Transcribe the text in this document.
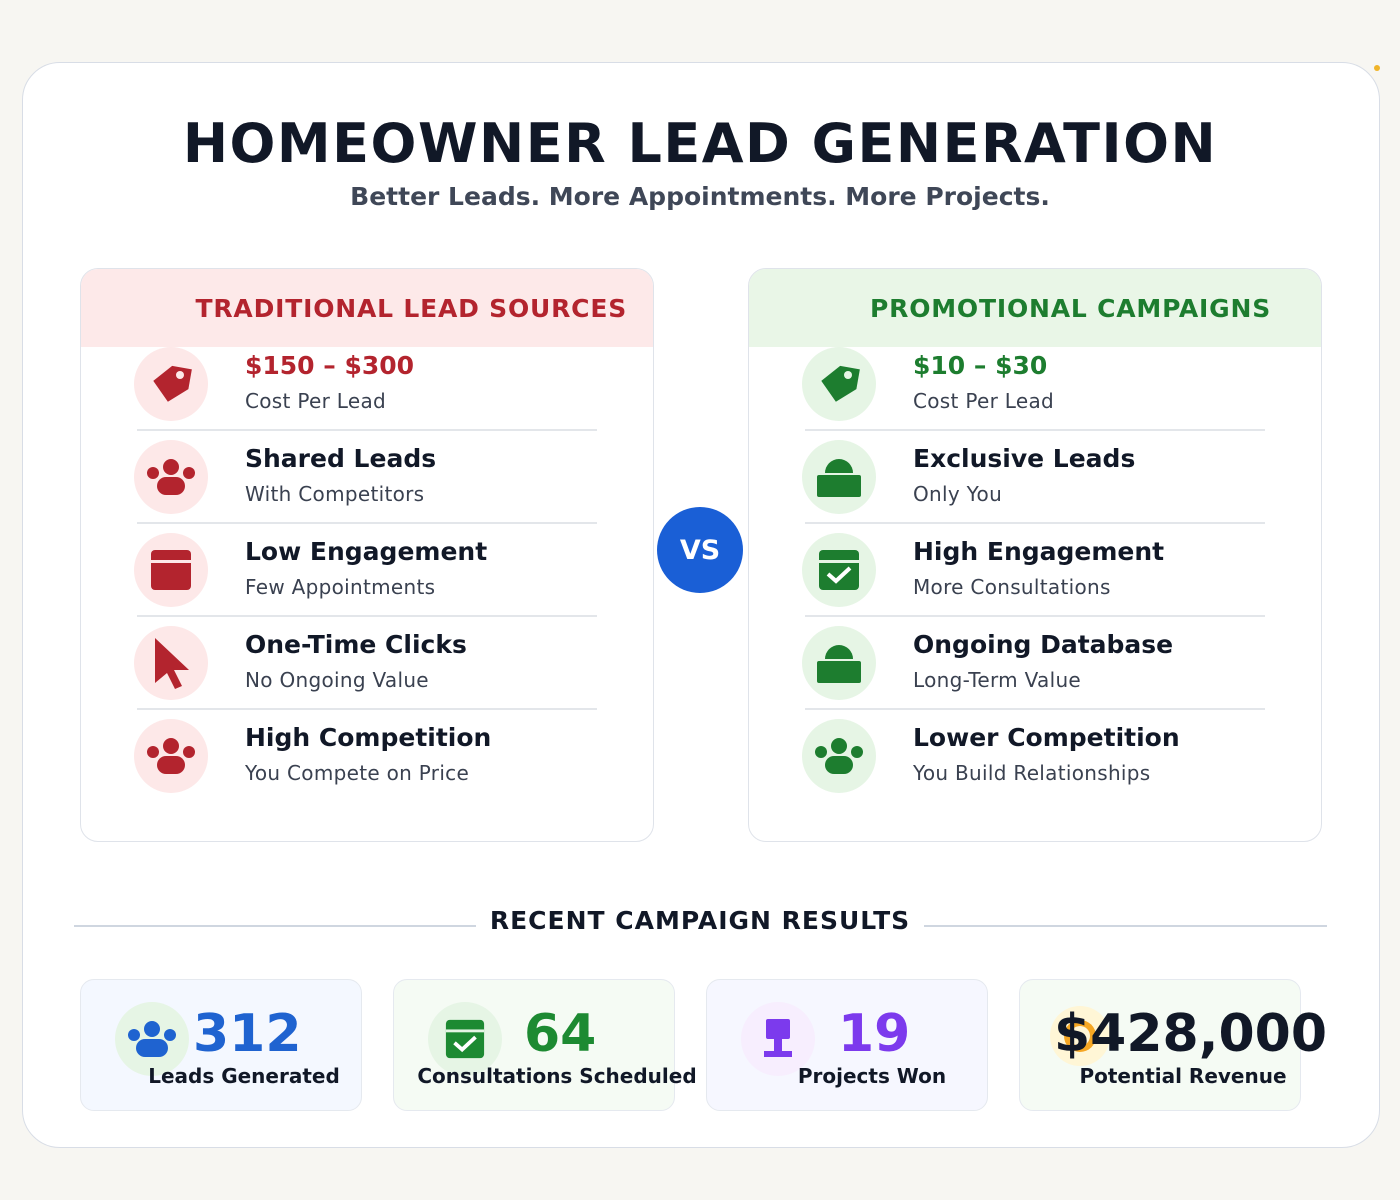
HOMEOWNER LEAD GENERATION
Better Leads. More Appointments. More Projects.
TRADITIONAL LEAD SOURCES
$150 – $300
Cost Per Lead
Shared Leads
With Competitors
Low Engagement
Few Appointments
One-Time Clicks
No Ongoing Value
High Competition
You Compete on Price
PROMOTIONAL CAMPAIGNS
$10 – $30
Cost Per Lead
Exclusive Leads
Only You
High Engagement
More Consultations
Ongoing Database
Long-Term Value
Lower Competition
You Build Relationships
VS
RECENT CAMPAIGN RESULTS
312
Leads Generated
64
Consultations Scheduled
19
Projects Won
$428,000
Potential Revenue
